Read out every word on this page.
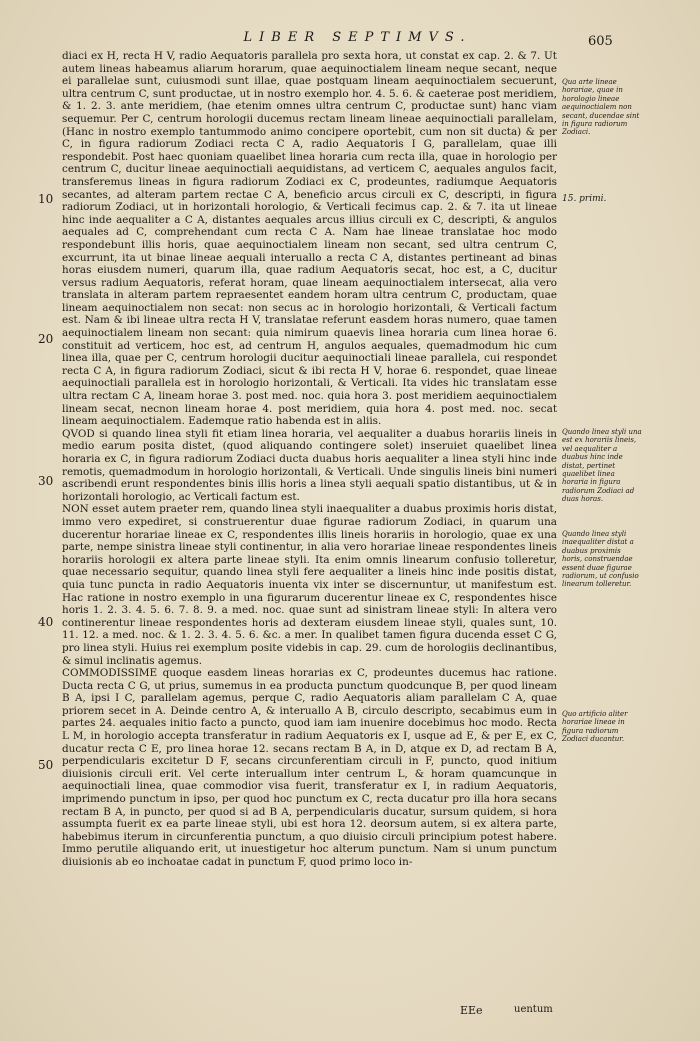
LIBER SEPTIMVS.	605

diaci ex H, recta H V, radio Aequatoris parallela pro sexta hora, ut constat ex cap. 2. & 7. Ut autem lineas habeamus aliarum horarum, quae aequinoctialem lineam neque secant, neque ei parallelae sunt, cuiusmodi sunt illae, quae postquam lineam aequinoctialem secuerunt, ultra centrum C, sunt productae, ut in nostro exemplo hor. 4. 5. 6. & caeterae post meridiem, & 1. 2. 3. ante meridiem, (hae etenim omnes ultra centrum C, productae sunt) hanc viam sequemur. Per C, centrum horologii ducemus rectam lineam lineae aequinoctiali parallelam, (Hanc in nostro exemplo tantummodo animo concipere oportebit, cum non sit ducta) & per C, in figura radiorum Zodiaci recta C A, radio Aequatoris I G, parallelam, quae illi respondebit. Post haec quoniam quaelibet linea horaria cum recta illa, quae in horologio per centrum C, ducitur lineae aequinoctiali aequidistans, ad verticem C, aequales angulos facit, transferemus lineas in figura radiorum Zodiaci ex C, prodeuntes, radiumque Aequatoris secantes, ad alteram partem rectae C A, beneficio arcus circuli ex C, descripti, in figura radiorum Zodiaci, ut in horizontali horologio, & Verticali fecimus cap. 2. & 7. ita ut lineae hinc inde aequaliter a C A, distantes aequales arcus illius circuli ex C, descripti, & angulos aequales ad C, comprehendant cum recta C A. Nam hae lineae translatae hoc modo respondebunt illis horis, quae aequinoctialem lineam non secant, sed ultra centrum C, excurrunt, ita ut binae lineae aequali interuallo a recta C A, distantes pertineant ad binas horas eiusdem numeri, quarum illa, quae radium Aequatoris secat, hoc est, a C, ducitur versus radium Aequatoris, referat horam, quae lineam aequinoctialem intersecat, alia vero translata in alteram partem repraesentet eandem horam ultra centrum C, productam, quae lineam aequinoctialem non secat: non secus ac in horologio horizontali, & Verticali factum est. Nam & ibi lineae ultra recta H V, translatae referunt easdem horas numero, quae tamen aequinoctialem lineam non secant: quia nimirum quaevis linea horaria cum linea horae 6. constituit ad verticem, hoc est, ad centrum H, angulos aequales, quemadmodum hic cum linea illa, quae per C, centrum horologii ducitur aequinoctiali lineae parallela, cui respondet recta C A, in figura radiorum Zodiaci, sicut & ibi recta H V, horae 6. respondet, quae lineae aequinoctiali parallela est in horologio horizontali, & Verticali. Ita vides hic translatam esse ultra rectam C A, lineam horae 3. post med. noc. quia hora 3. post meridiem aequinoctialem lineam secat, necnon lineam horae 4. post meridiem, quia hora 4. post med. noc. secat lineam aequinoctialem. Eademque ratio habenda est in aliis.

QVOD si quando linea styli fit etiam linea horaria, vel aequaliter a duabus horariis lineis in medio earum posita distet, (quod aliquando contingere solet) inseruiet quaelibet linea horaria ex C, in figura radiorum Zodiaci ducta duabus horis aequaliter a linea styli hinc inde remotis, quemadmodum in horologio horizontali, & Verticali. Unde singulis lineis bini numeri ascribendi erunt respondentes binis illis horis a linea styli aequali spatio distantibus, ut & in horizontali horologio, ac Verticali factum est.

NON esset autem praeter rem, quando linea styli inaequaliter a duabus proximis horis distat, immo vero expediret, si construerentur duae figurae radiorum Zodiaci, in quarum una ducerentur horariae lineae ex C, respondentes illis lineis horariis in horologio, quae ex una parte, nempe sinistra lineae styli continentur, in alia vero horariae lineae respondentes lineis horariis horologii ex altera parte lineae styli. Ita enim omnis linearum confusio tolleretur, quae necessario sequitur, quando linea styli fere aequaliter a lineis hinc inde positis distat, quia tunc puncta in radio Aequatoris inuenta vix inter se discernuntur, ut manifestum est. Hac ratione in nostro exemplo in una figurarum ducerentur lineae ex C, respondentes hisce horis 1. 2. 3. 4. 5. 6. 7. 8. 9. a med. noc. quae sunt ad sinistram lineae styli: In altera vero continerentur lineae respondentes horis ad dexteram eiusdem lineae styli, quales sunt, 10. 11. 12. a med. noc. & 1. 2. 3. 4. 5. 6. &c. a mer. In qualibet tamen figura ducenda esset C G, pro linea styli. Huius rei exemplum posite videbis in cap. 29. cum de horologiis declinantibus, & simul inclinatis agemus.

COMMODISSIME quoque easdem lineas horarias ex C, prodeuntes ducemus hac ratione. Ducta recta C G, ut prius, sumemus in ea producta punctum quodcunque B, per quod lineam B A, ipsi I C, parallelam agemus, perque C, radio Aequatoris aliam parallelam C A, quae priorem secet in A. Deinde centro A, & interuallo A B, circulo descripto, secabimus eum in partes 24. aequales initio facto a puncto, quod iam iam inuenire docebimus hoc modo. Recta L M, in horologio accepta transferatur in radium Aequatoris ex I, usque ad E, & per E, ex C, ducatur recta C E, pro linea horae 12. secans rectam B A, in D, atque ex D, ad rectam B A, perpendicularis excitetur D F, secans circunferentiam circuli in F, puncto, quod initium diuisionis circuli erit. Vel certe interuallum inter centrum L, & horam quamcunque in aequinoctiali linea, quae commodior visa fuerit, transferatur ex I, in radium Aequatoris, imprimendo punctum in ipso, per quod hoc punctum ex C, recta ducatur pro illa hora secans rectam B A, in puncto, per quod si ad B A, perpendicularis ducatur, sursum quidem, si hora assumpta fuerit ex ea parte lineae styli, ubi est hora 12. deorsum autem, si ex altera parte, habebimus iterum in circunferentia punctum, a quo diuisio circuli principium potest habere. Immo perutile aliquando erit, ut inuestigetur hoc alterum punctum. Nam si unum punctum diuisionis ab eo inchoatae cadat in punctum F, quod primo loco in-

10
20
30
40
50
Qua arte lineae horariae, quae in horologio lineae aequinoctialem non secant, ducendae sint in figura radiorum Zodiaci.
15. primi.
Quando linea styli una est ex horariis lineis, vel aequaliter a duabus hinc inde distat, pertinet quaelibet linea horaria in figura radiorum Zodiaci ad duas horas.
Quando linea styli inaequaliter distat a duabus proximis horis, construendae essent duae figurae radiorum, ut confusio linearum tolleretur.
Quo artificio aliter horariae lineae in figura radiorum Zodiaci ducantur.
EEe	uentum
